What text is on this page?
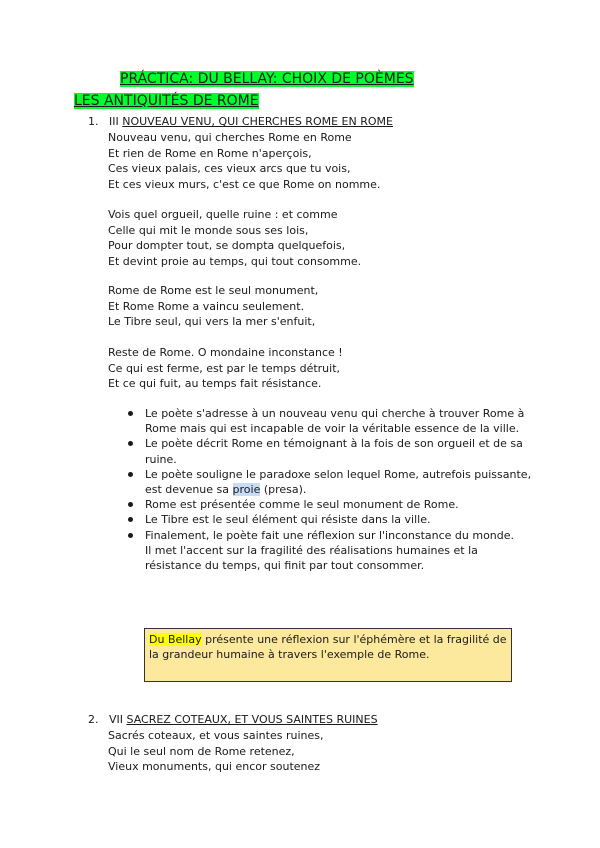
PRÁCTICA: DU BELLAY: CHOIX DE POÈMES
LES ANTIQUITÉS DE ROME
1. III NOUVEAU VENU, QUI CHERCHES ROME EN ROME
Nouveau venu, qui cherches Rome en Rome
Et rien de Rome en Rome n'aperçois,
Ces vieux palais, ces vieux arcs que tu vois,
Et ces vieux murs, c'est ce que Rome on nomme.
Vois quel orgueil, quelle ruine : et comme
Celle qui mit le monde sous ses lois,
Pour dompter tout, se dompta quelquefois,
Et devint proie au temps, qui tout consomme.
Rome de Rome est le seul monument,
Et Rome Rome a vaincu seulement.
Le Tibre seul, qui vers la mer s'enfuit,
Reste de Rome. O mondaine inconstance !
Ce qui est ferme, est par le temps détruit,
Et ce qui fuit, au temps fait résistance.
Le poète s'adresse à un nouveau venu qui cherche à trouver Rome à Rome mais qui est incapable de voir la véritable essence de la ville.
Le poète décrit Rome en témoignant à la fois de son orgueil et de sa ruine.
Le poète souligne le paradoxe selon lequel Rome, autrefois puissante, est devenue sa proie (presa).
Rome est présentée comme le seul monument de Rome.
Le Tibre est le seul élément qui résiste dans la ville.
Finalement, le poète fait une réflexion sur l'inconstance du monde.
Il met l'accent sur la fragilité des réalisations humaines et la résistance du temps, qui finit par tout consommer.
Du Bellay présente une réflexion sur l'éphémère et la fragilité de la grandeur humaine à travers l'exemple de Rome.
2. VII SACREZ COTEAUX, ET VOUS SAINTES RUINES
Sacrés coteaux, et vous saintes ruines,
Qui le seul nom de Rome retenez,
Vieux monuments, qui encor soutenez
